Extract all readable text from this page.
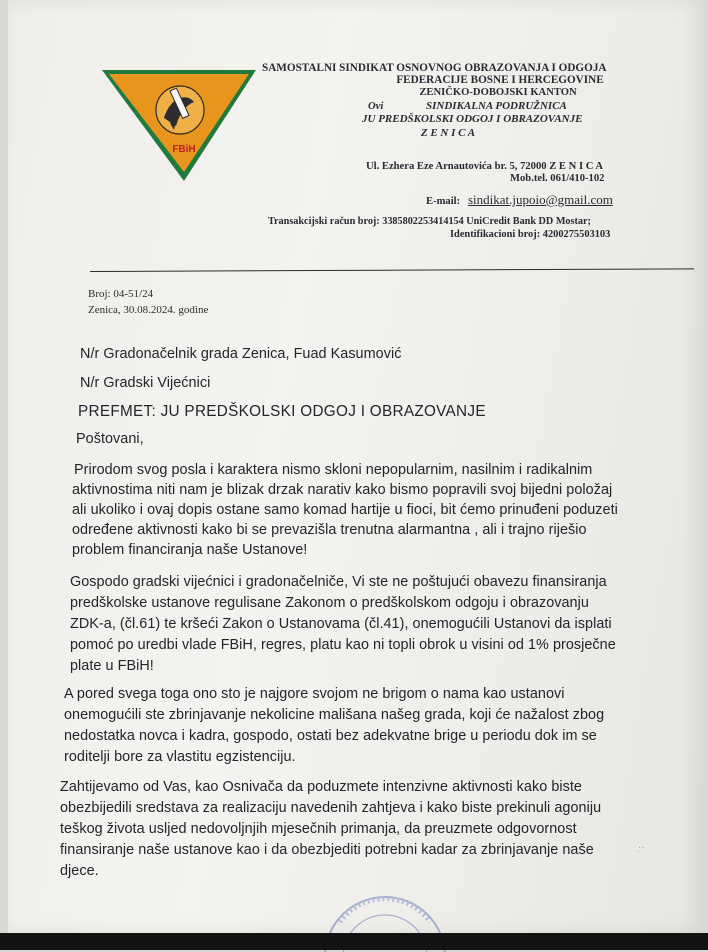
FBiH
SAMOSTALNI SINDIKAT OSNOVNOG OBRAZOVANJA I ODGOJA
FEDERACIJE BOSNE I HERCEGOVINE
ZENIČKO-DOBOJSKI KANTON
Ovi	SINDIKALNA PODRUŽNICA
JU PREDŠKOLSKI ODGOJ I OBRAZOVANJE
Z E N I C A
Ul. Ezhera Eze Arnautovića br. 5, 72000 Z E N I C A
Mob.tel. 061/410-102
E-mail: sindikat.jupoio@gmail.com
Transakcijski račun broj: 3385802253414154 UniCredit Bank DD Mostar;
Identifikacioni broj: 4200275503103
Broj: 04-51/24
Zenica, 30.08.2024. godine
N/r Gradonačelnik grada Zenica, Fuad Kasumović
N/r Gradski Vijećnici
PREFMET: JU PREDŠKOLSKI ODGOJ I OBRAZOVANJE
Poštovani,
Prirodom svog posla i karaktera nismo skloni nepopularnim, nasilnim i radikalnim
aktivnostima niti nam je blizak drzak narativ kako bismo popravili svoj bijedni položaj
ali ukoliko i ovaj dopis ostane samo komad hartije u fioci, bit ćemo prinuđeni poduzeti
određene aktivnosti kako bi se prevazišla trenutna alarmantna , ali i trajno riješio
problem financiranja naše Ustanove!
Gospodo gradski vijećnici i gradonačelniče, Vi ste ne poštujući obavezu finansiranja
predškolske ustanove regulisane Zakonom o predškolskom odgoju i obrazovanju
ZDK-a, (čl.61) te kršeći Zakon o Ustanovama (čl.41), onemogućili Ustanovi da isplati
pomoć po uredbi vlade FBiH, regres, platu kao ni topli obrok u visini od 1% prosječne
plate u FBiH!
A pored svega toga ono sto je najgore svojom ne brigom o nama kao ustanovi
onemogućili ste zbrinjavanje nekolicine mališana našeg grada, koji će nažalost zbog
nedostatka novca i kadra, gospodo, ostati bez adekvatne brige u periodu dok im se
roditelji bore za vlastitu egzistenciju.
Zahtijevamo od Vas, kao Osnivača da poduzmete intenzivne aktivnosti kako biste
obezbijedili sredstava za realizaciju navedenih zahtjeva i kako biste prekinuli agoniju
teškog života usljed nedovoljnjih mjesečnih primanja, da preuzmete odgovornost
finansiranje naše ustanove kao i da obezbjediti potrebni kadar za zbrinjavanje naše
djece.
·̣·
